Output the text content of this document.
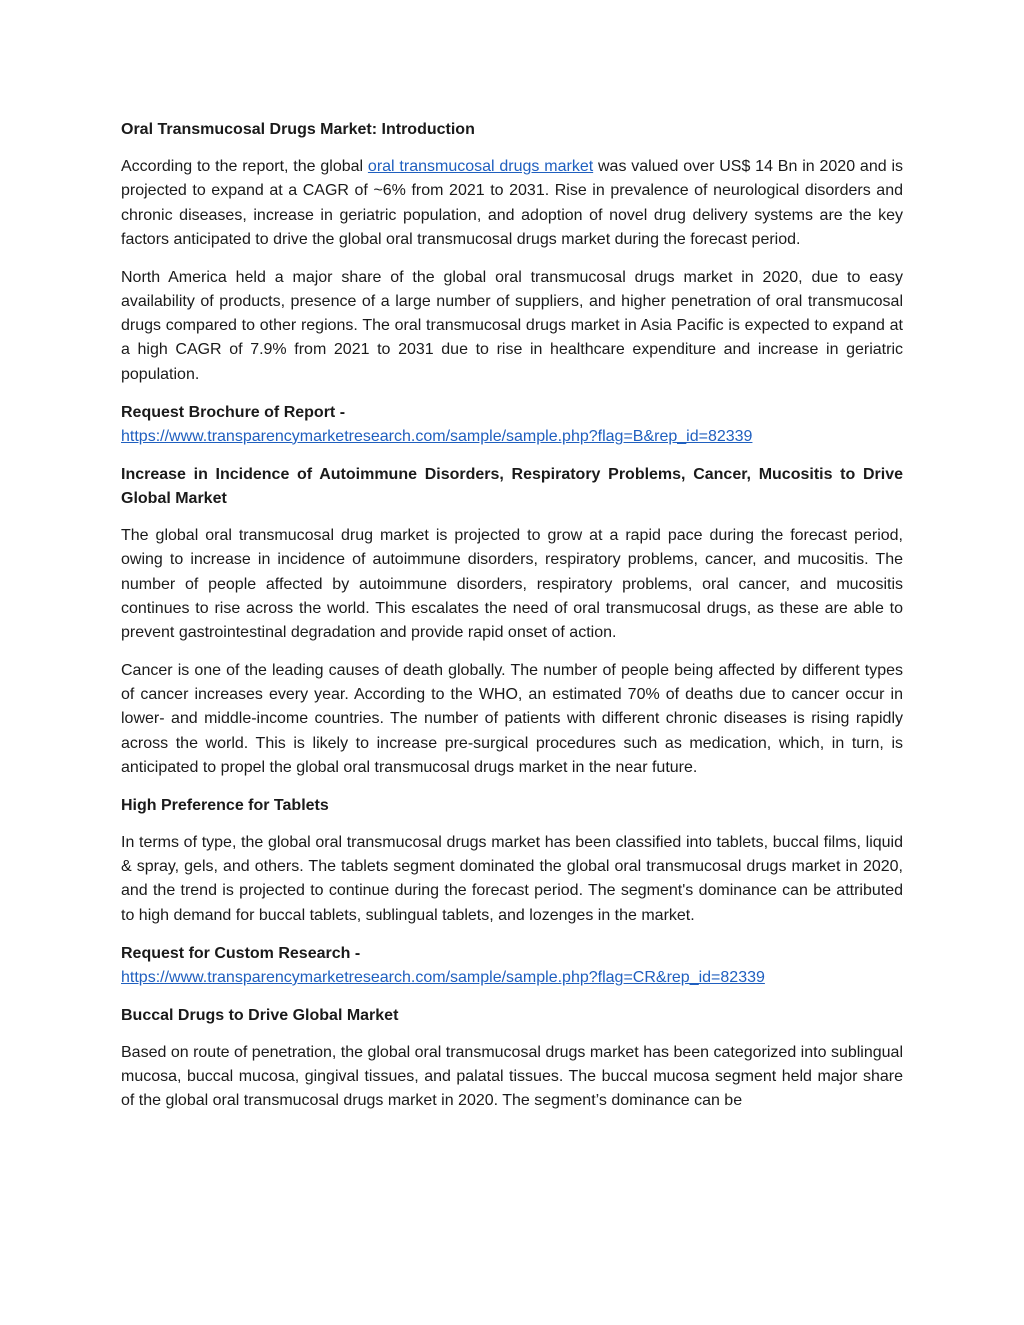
Oral Transmucosal Drugs Market: Introduction

According to the report, the global oral transmucosal drugs market was valued over US$ 14 Bn in 2020 and is projected to expand at a CAGR of ~6% from 2021 to 2031. Rise in prevalence of neurological disorders and chronic diseases, increase in geriatric population, and adoption of novel drug delivery systems are the key factors anticipated to drive the global oral transmucosal drugs market during the forecast period.

North America held a major share of the global oral transmucosal drugs market in 2020, due to easy availability of products, presence of a large number of suppliers, and higher penetration of oral transmucosal drugs compared to other regions. The oral transmucosal drugs market in Asia Pacific is expected to expand at a high CAGR of 7.9% from 2021 to 2031 due to rise in healthcare expenditure and increase in geriatric population.

Request Brochure of Report -
https://www.transparencymarketresearch.com/sample/sample.php?flag=B&rep_id=82339

Increase in Incidence of Autoimmune Disorders, Respiratory Problems, Cancer, Mucositis to Drive Global Market

The global oral transmucosal drug market is projected to grow at a rapid pace during the forecast period, owing to increase in incidence of autoimmune disorders, respiratory problems, cancer, and mucositis. The number of people affected by autoimmune disorders, respiratory problems, oral cancer, and mucositis continues to rise across the world. This escalates the need of oral transmucosal drugs, as these are able to prevent gastrointestinal degradation and provide rapid onset of action.

Cancer is one of the leading causes of death globally. The number of people being affected by different types of cancer increases every year. According to the WHO, an estimated 70% of deaths due to cancer occur in lower- and middle-income countries. The number of patients with different chronic diseases is rising rapidly across the world. This is likely to increase pre-surgical procedures such as medication, which, in turn, is anticipated to propel the global oral transmucosal drugs market in the near future.

High Preference for Tablets

In terms of type, the global oral transmucosal drugs market has been classified into tablets, buccal films, liquid & spray, gels, and others. The tablets segment dominated the global oral transmucosal drugs market in 2020, and the trend is projected to continue during the forecast period. The segment's dominance can be attributed to high demand for buccal tablets, sublingual tablets, and lozenges in the market.

Request for Custom Research -
https://www.transparencymarketresearch.com/sample/sample.php?flag=CR&rep_id=82339

Buccal Drugs to Drive Global Market

Based on route of penetration, the global oral transmucosal drugs market has been categorized into sublingual mucosa, buccal mucosa, gingival tissues, and palatal tissues. The buccal mucosa segment held major share of the global oral transmucosal drugs market in 2020. The segment’s dominance can be
